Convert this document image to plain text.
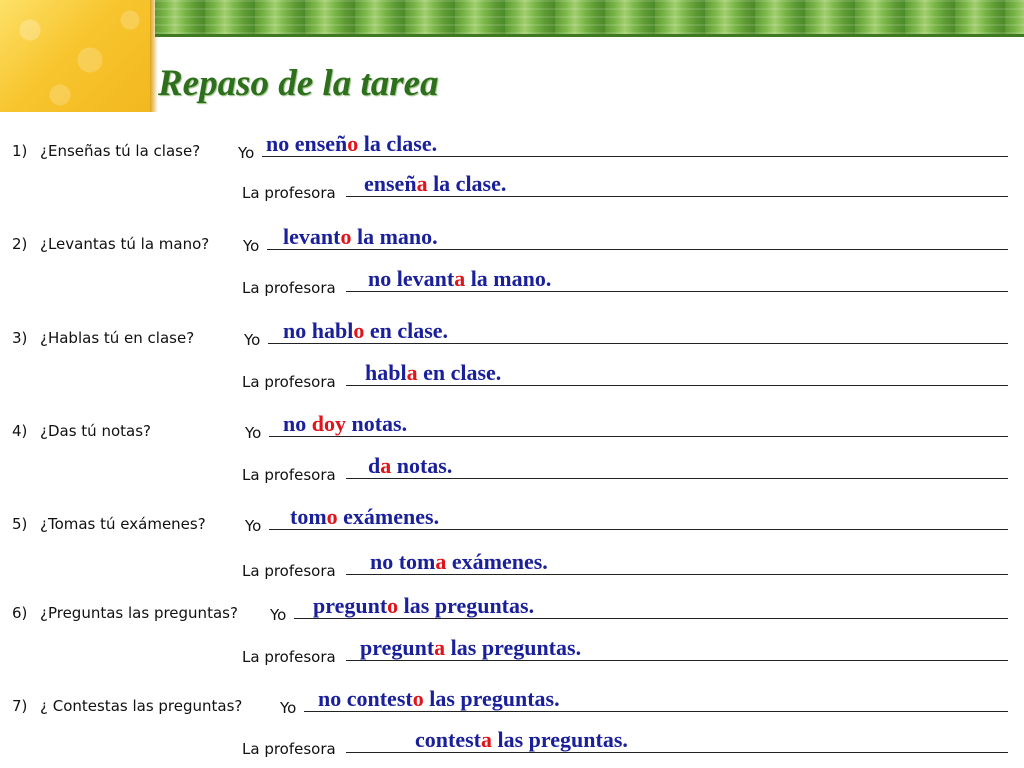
Repaso de la tarea
1) ¿Enseñas tú la clase?	Yo no enseño la clase.
La profesora enseña la clase.
2) ¿Levantas tú la mano? Yo levanto la mano.
La profesora no levanta la mano.
3) ¿Hablas tú en clase?	Yo no hablo en clase.
La profesora habla en clase.
4) ¿Das tú notas?	Yo no doy notas.
La profesora da notas.
5) ¿Tomas tú exámenes?	Yo tomo exámenes.
La profesora no toma exámenes.
6) ¿Preguntas las preguntas? Yo pregunto las preguntas.
La profesora pregunta las preguntas.
7) ¿ Contestas las preguntas?	Yo no contesto las preguntas.
La profesora	contesta las preguntas.
